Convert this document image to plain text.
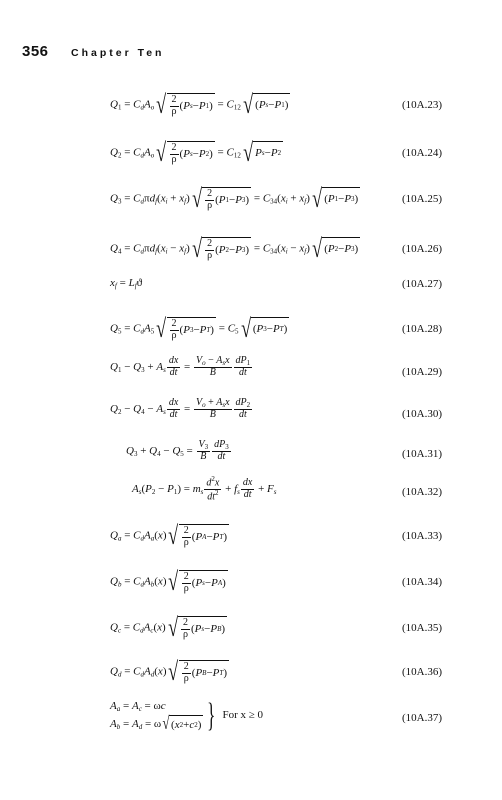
356 Chapter Ten
$Q_1 = C_dA_o$ √ $\frac{2}{\rho}$ ( P s − P 1 ) = $C_{12}$ √ ( P s − P 1 )	(10A.23)
$Q_2 = C_dA_o$ √ $\frac{2}{\rho}$ ( P s − P 2 ) = $C_{12}$ √ P s − P 2	(10A.24)
$Q_3 = C_d\pi d_f(x_i + x_f)$ √ $\frac{2}{\rho}$ ( P 1 − P 3 ) = $C_{34}(x_i + x_f)$ √ ( P 1 − P 3 )	(10A.25)
$Q_4 = C_d\pi d_f(x_i - x_f)$ √ $\frac{2}{\rho}$ ( P 2 − P 3 ) = $C_{34}(x_i - x_f)$ √ ( P 2 − P 3 )	(10A.26)
$x_f = L_fϑ$	(10A.27)
$Q_5 = C_dA_5$ √ $\frac{2}{\rho}$ ( P 3 − P T ) = $C_5$ √ ( P 3 − P T )	(10A.28)
$Q_1 - Q_3 + A_s \frac{dx}{dt} = \frac{V_o - A_sx}{B} \frac{dP_1}{dt}$	(10A.29)
$Q_2 - Q_4 - A_s \frac{dx}{dt} = \frac{V_o + A_sx}{B} \frac{dP_2}{dt}$	(10A.30)
$Q_3 + Q_4 - Q_5 = \frac{V_3}{B} \frac{dP_3}{dt}$	(10A.31)
$A_s(P_2 - P_1) = m_s \frac{d^2x}{dt^2} + f_s \frac{dx}{dt} + F_s$	(10A.32)
$Q_a = C_dA_a(x)$ √ $\frac{2}{\rho}$ ( P A − P T )	(10A.33)
$Q_b = C_dA_b(x)$ √ $\frac{2}{\rho}$ ( P s − P A )	(10A.34)
$Q_c = C_dA_c(x)$ √ $\frac{2}{\rho}$ ( P s − P B )	(10A.35)
$Q_d = C_dA_d(x)$ √ $\frac{2}{\rho}$ ( P B − P T )	(10A.36)
$A_a = A_c = \omega c$
$A_b = A_d = \omega$ √ ( x 2 + c 2 ) } For x ≥ 0	(10A.37)
